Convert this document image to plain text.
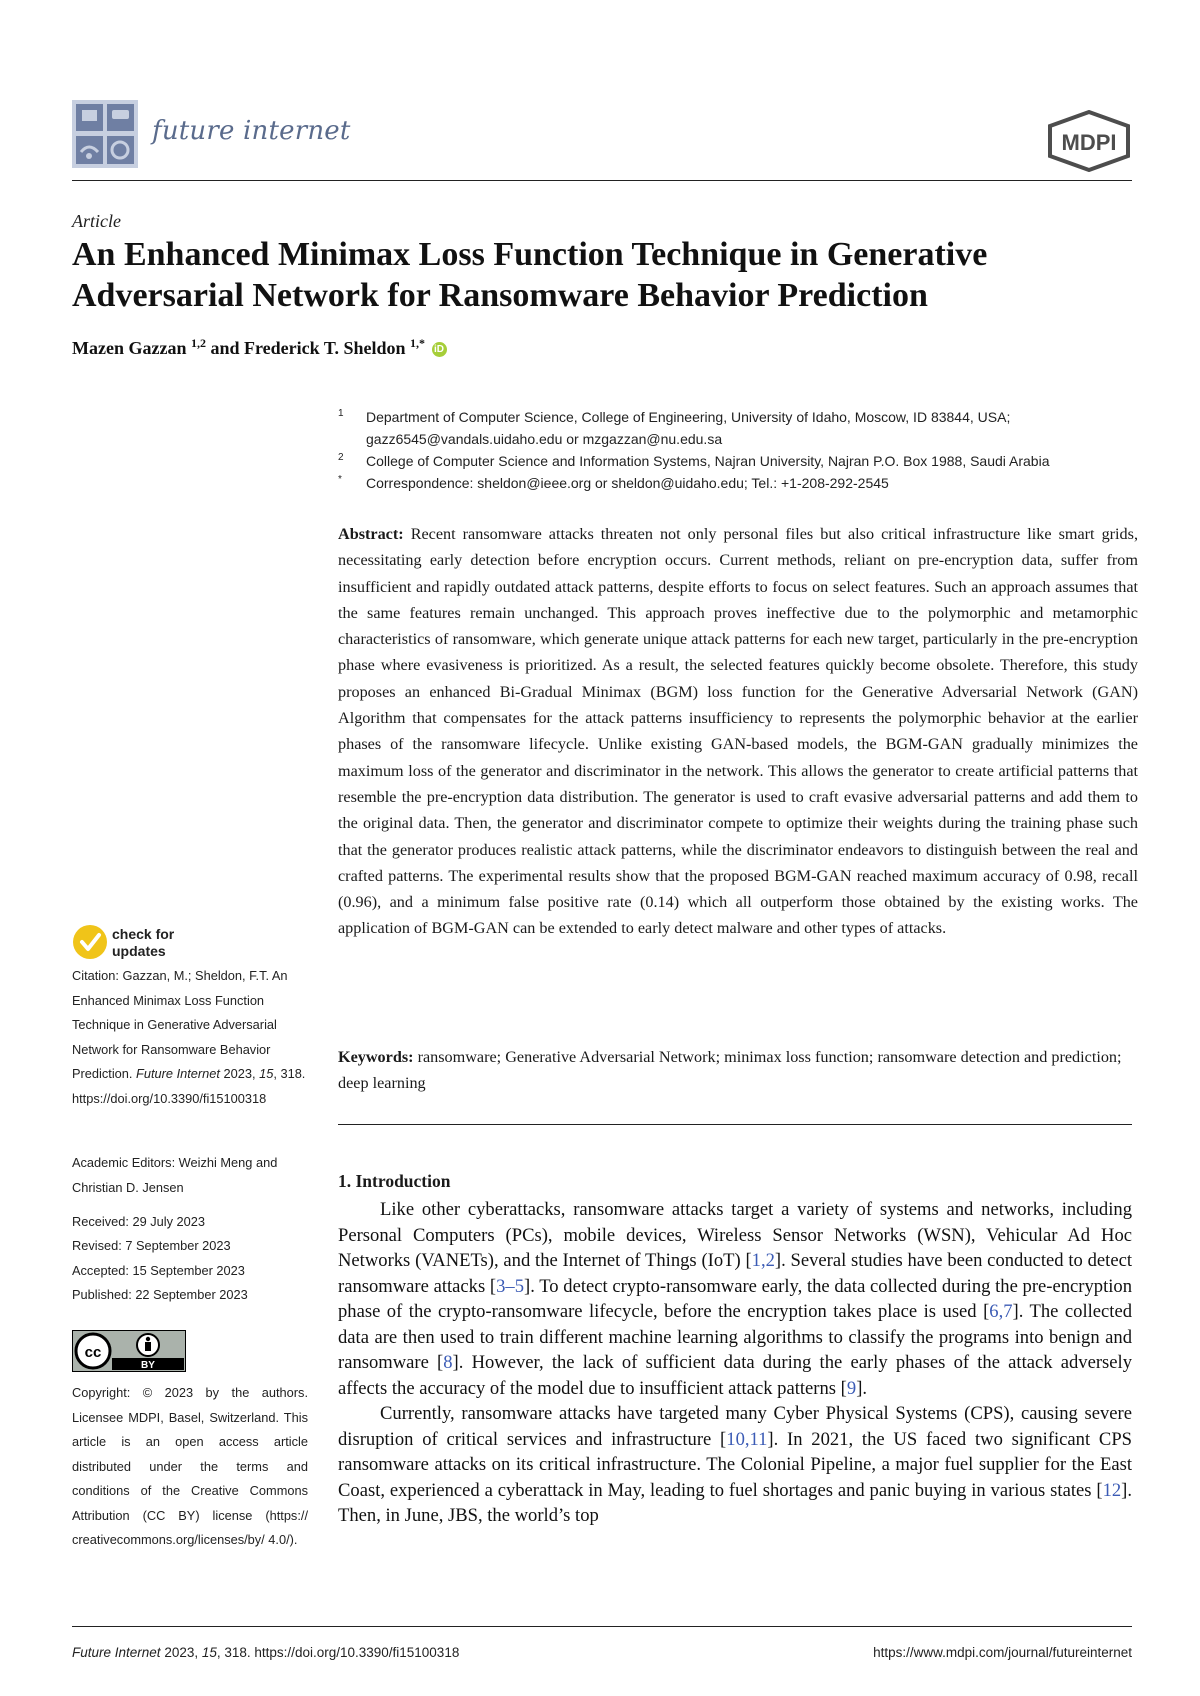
future internet	MDPI
Article
An Enhanced Minimax Loss Function Technique in Generative Adversarial Network for Ransomware Behavior Prediction
Mazen Gazzan $^{1,2}$ and Frederick T. Sheldon $^{1,*}$ iD
1 Department of Computer Science, College of Engineering, University of Idaho, Moscow, ID 83844, USA; gazz6545@vandals.uidaho.edu or mzgazzan@nu.edu.sa
2 College of Computer Science and Information Systems, Najran University, Najran P.O. Box 1988, Saudi Arabia
* Correspondence: sheldon@ieee.org or sheldon@uidaho.edu; Tel.: +1-208-292-2545
Abstract: Recent ransomware attacks threaten not only personal files but also critical infrastructure like smart grids, necessitating early detection before encryption occurs. Current methods, reliant on pre-encryption data, suffer from insufficient and rapidly outdated attack patterns, despite efforts to focus on select features. Such an approach assumes that the same features remain unchanged. This approach proves ineffective due to the polymorphic and metamorphic characteristics of ransomware, which generate unique attack patterns for each new target, particularly in the pre-encryption phase where evasiveness is prioritized. As a result, the selected features quickly become obsolete. Therefore, this study proposes an enhanced Bi-Gradual Minimax (BGM) loss function for the Generative Adversarial Network (GAN) Algorithm that compensates for the attack patterns insufficiency to represents the polymorphic behavior at the earlier phases of the ransomware lifecycle. Unlike existing GAN-based models, the BGM-GAN gradually minimizes the maximum loss of the generator and discriminator in the network. This allows the generator to create artificial patterns that resemble the pre-encryption data distribution. The generator is used to craft evasive adversarial patterns and add them to the original data. Then, the generator and discriminator compete to optimize their weights during the training phase such that the generator produces realistic attack patterns, while the discriminator endeavors to distinguish between the real and crafted patterns. The experimental results show that the proposed BGM-GAN reached maximum accuracy of 0.98, recall (0.96), and a minimum false positive rate (0.14) which all outperform those obtained by the existing works. The application of BGM-GAN can be extended to early detect malware and other types of attacks.
Keywords: ransomware; Generative Adversarial Network; minimax loss function; ransomware detection and prediction; deep learning
1. Introduction

Like other cyberattacks, ransomware attacks target a variety of systems and networks, including Personal Computers (PCs), mobile devices, Wireless Sensor Networks (WSN), Vehicular Ad Hoc Networks (VANETs), and the Internet of Things (IoT) [1,2]. Several studies have been conducted to detect ransomware attacks [3–5]. To detect crypto-ransomware early, the data collected during the pre-encryption phase of the crypto-ransomware lifecycle, before the encryption takes place is used [6,7]. The collected data are then used to train different machine learning algorithms to classify the programs into benign and ransomware [8]. However, the lack of sufficient data during the early phases of the attack adversely affects the accuracy of the model due to insufficient attack patterns [9].

Currently, ransomware attacks have targeted many Cyber Physical Systems (CPS), causing severe disruption of critical services and infrastructure [10,11]. In 2021, the US faced two significant CPS ransomware attacks on its critical infrastructure. The Colonial Pipeline, a major fuel supplier for the East Coast, experienced a cyberattack in May, leading to fuel shortages and panic buying in various states [12]. Then, in June, JBS, the world’s top

check for
updates
Citation: Gazzan, M.; Sheldon, F.T. An Enhanced Minimax Loss Function Technique in Generative Adversarial Network for Ransomware Behavior Prediction. Future Internet 2023, 15, 318. https://doi.org/10.3390/fi15100318
Academic Editors: Weizhi Meng and Christian D. Jensen
Received: 29 July 2023
Revised: 7 September 2023
Accepted: 15 September 2023
Published: 22 September 2023
BY
cc
Copyright: © 2023 by the authors. Licensee MDPI, Basel, Switzerland. This article is an open access article distributed under the terms and conditions of the Creative Commons Attribution (CC BY) license (https:// creativecommons.org/licenses/by/ 4.0/).
Future Internet 2023, 15, 318. https://doi.org/10.3390/fi15100318	https://www.mdpi.com/journal/futureinternet
